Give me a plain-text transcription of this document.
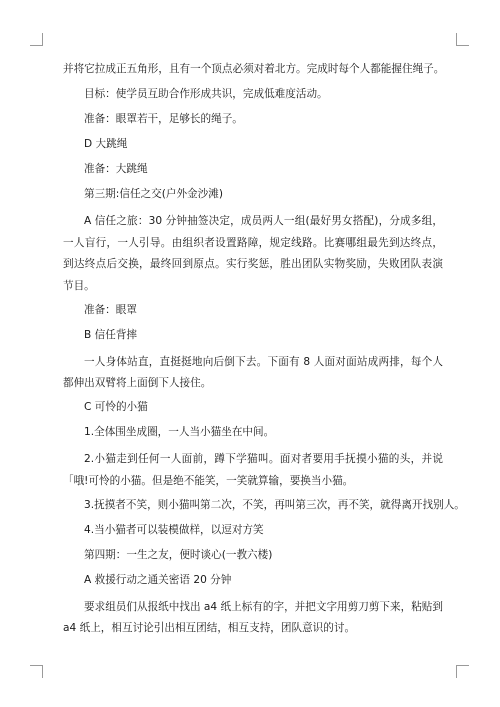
并将它拉成正五角形，且有一个顶点必须对着北方。完成时每个人都能握住绳子。

目标：使学员互助合作形成共识，完成低难度活动。

准备：眼罩若干，足够长的绳子。

D 大跳绳

准备：大跳绳

第三期:信任之交(户外金沙滩)

A 信任之旅：30 分钟抽签决定，成员两人一组(最好男女搭配)，分成多组，一人盲行，一人引导。由组织者设置路障，规定线路。比赛哪组最先到达终点，到达终点后交换，最终回到原点。实行奖惩，胜出团队实物奖励，失败团队表演节目。

准备：眼罩

B 信任背摔

一人身体站直，直挺挺地向后倒下去。下面有 8 人面对面站成两排，每个人都伸出双臂将上面倒下人接住。

C 可怜的小猫

1.全体围坐成圈，一人当小猫坐在中间。

2.小猫走到任何一人面前，蹲下学猫叫。面对者要用手抚摸小猫的头，并说「哦!可怜的小猫。但是绝不能笑，一笑就算输，要换当小猫。

3.抚摸者不笑，则小猫叫第二次，不笑，再叫第三次，再不笑，就得离开找别人。

4.当小猫者可以装模做样，以逗对方笑

第四期：一生之友，便时谈心(一教六楼)

A 救援行动之通关密语 20 分钟

要求组员们从报纸中找出 a4 纸上标有的字，并把文字用剪刀剪下来，粘贴到 a4 纸上，相互讨论引出相互团结，相互支持，团队意识的讨。
